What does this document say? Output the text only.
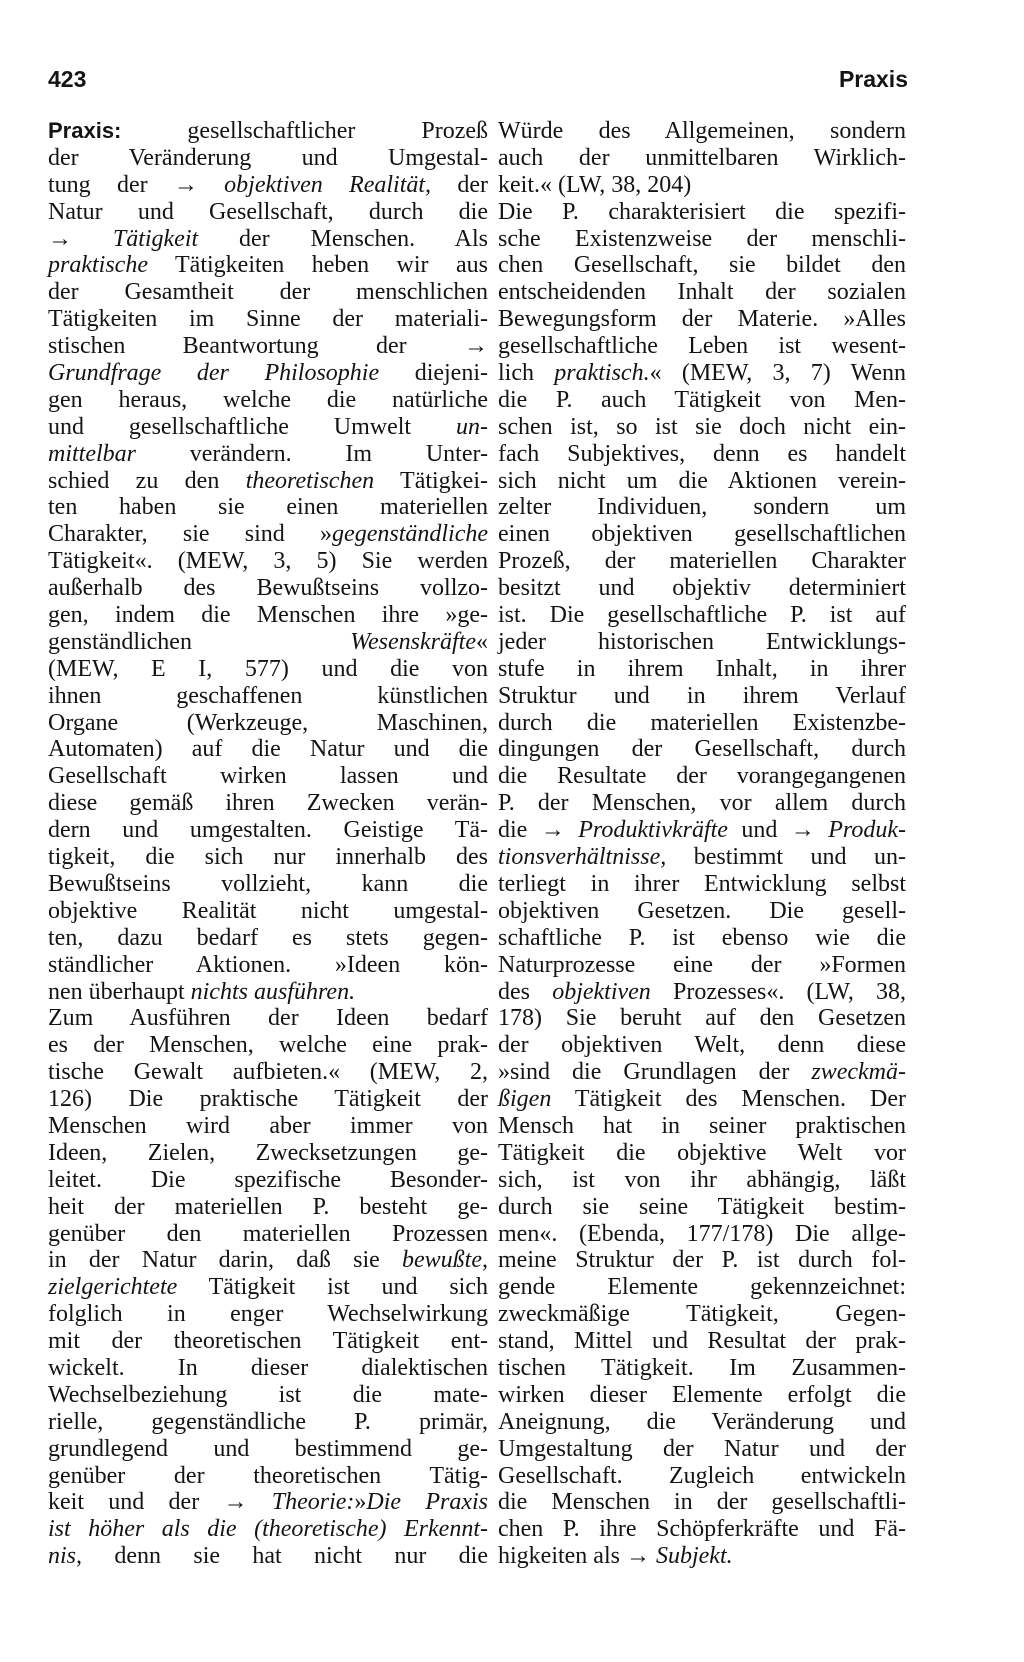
423	Praxis
Praxis: gesellschaftlicher Prozeß
der Veränderung und Umgestal-
tung der → objektiven Realität, der
Natur und Gesellschaft, durch die
→ Tätigkeit der Menschen. Als
praktische Tätigkeiten heben wir aus
der Gesamtheit der menschlichen
Tätigkeiten im Sinne der materiali-
stischen Beantwortung der →
Grundfrage der Philosophie diejeni-
gen heraus, welche die natürliche
und gesellschaftliche Umwelt un-
mittelbar verändern. Im Unter-
schied zu den theoretischen Tätigkei-
ten haben sie einen materiellen
Charakter, sie sind »gegenständliche
Tätigkeit«. (MEW, 3, 5) Sie werden
außerhalb des Bewußtseins vollzo-
gen, indem die Menschen ihre »ge-
genständlichen Wesenskräfte«
(MEW, E I, 577) und die von
ihnen geschaffenen künstlichen
Organe (Werkzeuge, Maschinen,
Automaten) auf die Natur und die
Gesellschaft wirken lassen und
diese gemäß ihren Zwecken verän-
dern und umgestalten. Geistige Tä-
tigkeit, die sich nur innerhalb des
Bewußtseins vollzieht, kann die
objektive Realität nicht umgestal-
ten, dazu bedarf es stets gegen-
ständlicher Aktionen. »Ideen kön-
nen überhaupt nichts ausführen.
Zum Ausführen der Ideen bedarf
es der Menschen, welche eine prak-
tische Gewalt aufbieten.« (MEW, 2,
126) Die praktische Tätigkeit der
Menschen wird aber immer von
Ideen, Zielen, Zwecksetzungen ge-
leitet. Die spezifische Besonder-
heit der materiellen P. besteht ge-
genüber den materiellen Prozessen
in der Natur darin, daß sie bewußte,
zielgerichtete Tätigkeit ist und sich
folglich in enger Wechselwirkung
mit der theoretischen Tätigkeit ent-
wickelt. In dieser dialektischen
Wechselbeziehung ist die mate-
rielle, gegenständliche P. primär,
grundlegend und bestimmend ge-
genüber der theoretischen Tätig-
keit und der → Theorie:»Die Praxis
ist höher als die (theoretische) Erkennt-
nis, denn sie hat nicht nur die
Würde des Allgemeinen, sondern
auch der unmittelbaren Wirklich-
keit.« (LW, 38, 204)
Die P. charakterisiert die spezifi-
sche Existenzweise der menschli-
chen Gesellschaft, sie bildet den
entscheidenden Inhalt der sozialen
Bewegungsform der Materie. »Alles
gesellschaftliche Leben ist wesent-
lich praktisch.« (MEW, 3, 7) Wenn
die P. auch Tätigkeit von Men-
schen ist, so ist sie doch nicht ein-
fach Subjektives, denn es handelt
sich nicht um die Aktionen verein-
zelter Individuen, sondern um
einen objektiven gesellschaftlichen
Prozeß, der materiellen Charakter
besitzt und objektiv determiniert
ist. Die gesellschaftliche P. ist auf
jeder historischen Entwicklungs-
stufe in ihrem Inhalt, in ihrer
Struktur und in ihrem Verlauf
durch die materiellen Existenzbe-
dingungen der Gesellschaft, durch
die Resultate der vorangegangenen
P. der Menschen, vor allem durch
die → Produktivkräfte und → Produk-
tionsverhältnisse, bestimmt und un-
terliegt in ihrer Entwicklung selbst
objektiven Gesetzen. Die gesell-
schaftliche P. ist ebenso wie die
Naturprozesse eine der »Formen
des objektiven Prozesses«. (LW, 38,
178) Sie beruht auf den Gesetzen
der objektiven Welt, denn diese
»sind die Grundlagen der zweckmä-
ßigen Tätigkeit des Menschen. Der
Mensch hat in seiner praktischen
Tätigkeit die objektive Welt vor
sich, ist von ihr abhängig, läßt
durch sie seine Tätigkeit bestim-
men«. (Ebenda, 177/178) Die allge-
meine Struktur der P. ist durch fol-
gende Elemente gekennzeichnet:
zweckmäßige Tätigkeit, Gegen-
stand, Mittel und Resultat der prak-
tischen Tätigkeit. Im Zusammen-
wirken dieser Elemente erfolgt die
Aneignung, die Veränderung und
Umgestaltung der Natur und der
Gesellschaft. Zugleich entwickeln
die Menschen in der gesellschaftli-
chen P. ihre Schöpferkräfte und Fä-
higkeiten als → Subjekt.
